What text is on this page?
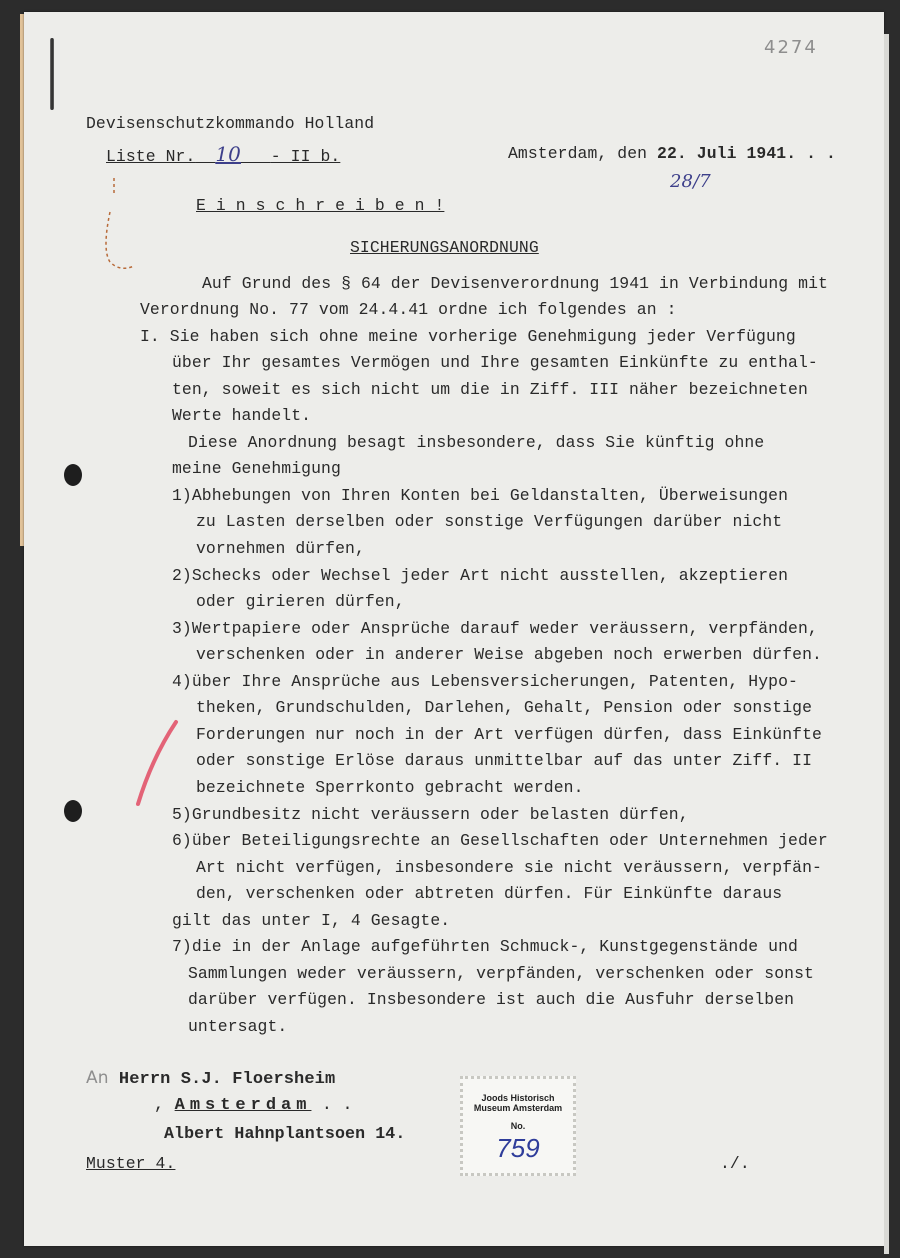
Devisenschutzkommando Holland
Liste Nr. 10 - II b.	Amsterdam, den 22. Juli 1941. . .
4274
28/7
E i n s c h r e i b e n !
SICHERUNGSANORDNUNG
Auf Grund des § 64 der Devisenverordnung 1941 in Verbindung mit
Verordnung No. 77 vom 24.4.41 ordne ich folgendes an :
I. Sie haben sich ohne meine vorherige Genehmigung jeder Verfügung
über Ihr gesamtes Vermögen und Ihre gesamten Einkünfte zu enthal-
ten, soweit es sich nicht um die in Ziff. III näher bezeichneten
Werte handelt.
Diese Anordnung besagt insbesondere, dass Sie künftig ohne
meine Genehmigung
1)Abhebungen von Ihren Konten bei Geldanstalten, Überweisungen
zu Lasten derselben oder sonstige Verfügungen darüber nicht
vornehmen dürfen,
2)Schecks oder Wechsel jeder Art nicht ausstellen, akzeptieren
oder girieren dürfen,
3)Wertpapiere oder Ansprüche darauf weder veräussern, verpfänden,
verschenken oder in anderer Weise abgeben noch erwerben dürfen.
4)über Ihre Ansprüche aus Lebensversicherungen, Patenten, Hypo-
theken, Grundschulden, Darlehen, Gehalt, Pension oder sonstige
Forderungen nur noch in der Art verfügen dürfen, dass Einkünfte
oder sonstige Erlöse daraus unmittelbar auf das unter Ziff. II
bezeichnete Sperrkonto gebracht werden.
5)Grundbesitz nicht veräussern oder belasten dürfen,
6)über Beteiligungsrechte an Gesellschaften oder Unternehmen jeder
Art nicht verfügen, insbesondere sie nicht veräussern, verpfän-
den, verschenken oder abtreten dürfen. Für Einkünfte daraus
gilt das unter I, 4 Gesagte.
7)die in der Anlage aufgeführten Schmuck-, Kunstgegenstände und
Sammlungen weder veräussern, verpfänden, verschenken oder sonst
darüber verfügen. Insbesondere ist auch die Ausfuhr derselben
untersagt.
An Herrn S.J. Floersheim
, Amsterdam . .
Albert Hahnplantsoen 14.
Muster 4.	./.
Joods Historisch
Museum Amsterdam
No.
759
